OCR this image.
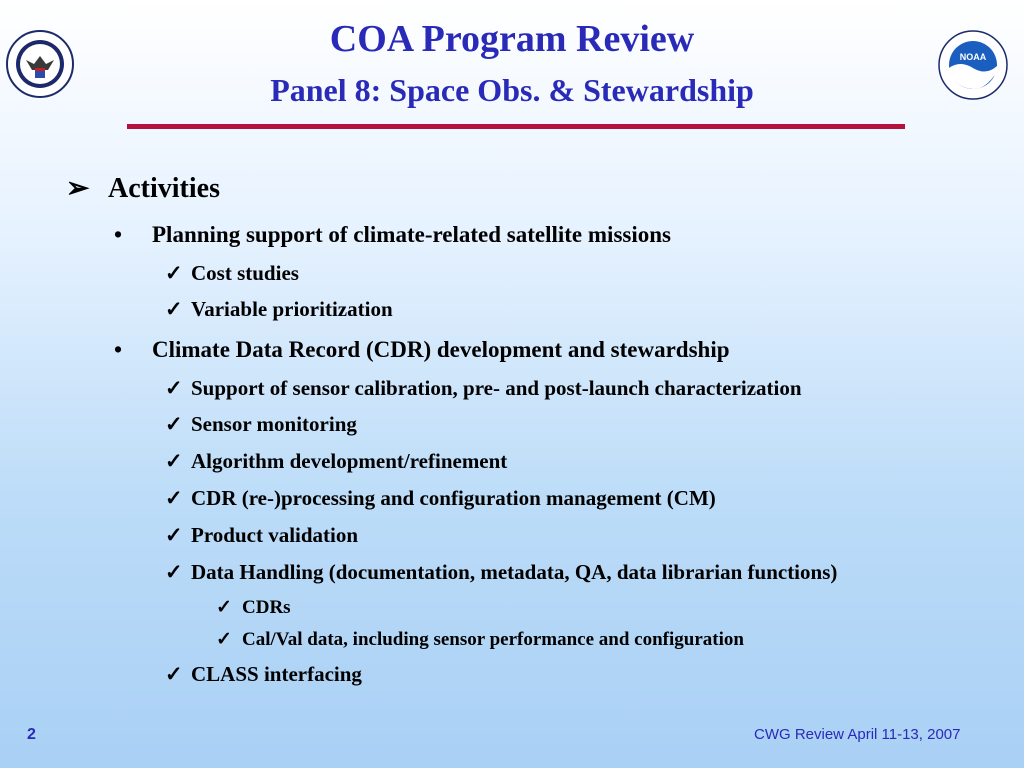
NOAA
COA Program Review
Panel 8: Space Obs. & Stewardship
➢ Activities
• Planning support of climate-related satellite missions
✓ Cost studies
✓ Variable prioritization
• Climate Data Record (CDR) development and stewardship
✓ Support of sensor calibration, pre- and post-launch characterization
✓ Sensor monitoring
✓ Algorithm development/refinement
✓ CDR (re-)processing and configuration management (CM)
✓ Product validation
✓ Data Handling (documentation, metadata, QA, data librarian functions)
✓ CDRs
✓ Cal/Val data, including sensor performance and configuration
✓ CLASS interfacing
2	CWG Review April 11-13, 2007
